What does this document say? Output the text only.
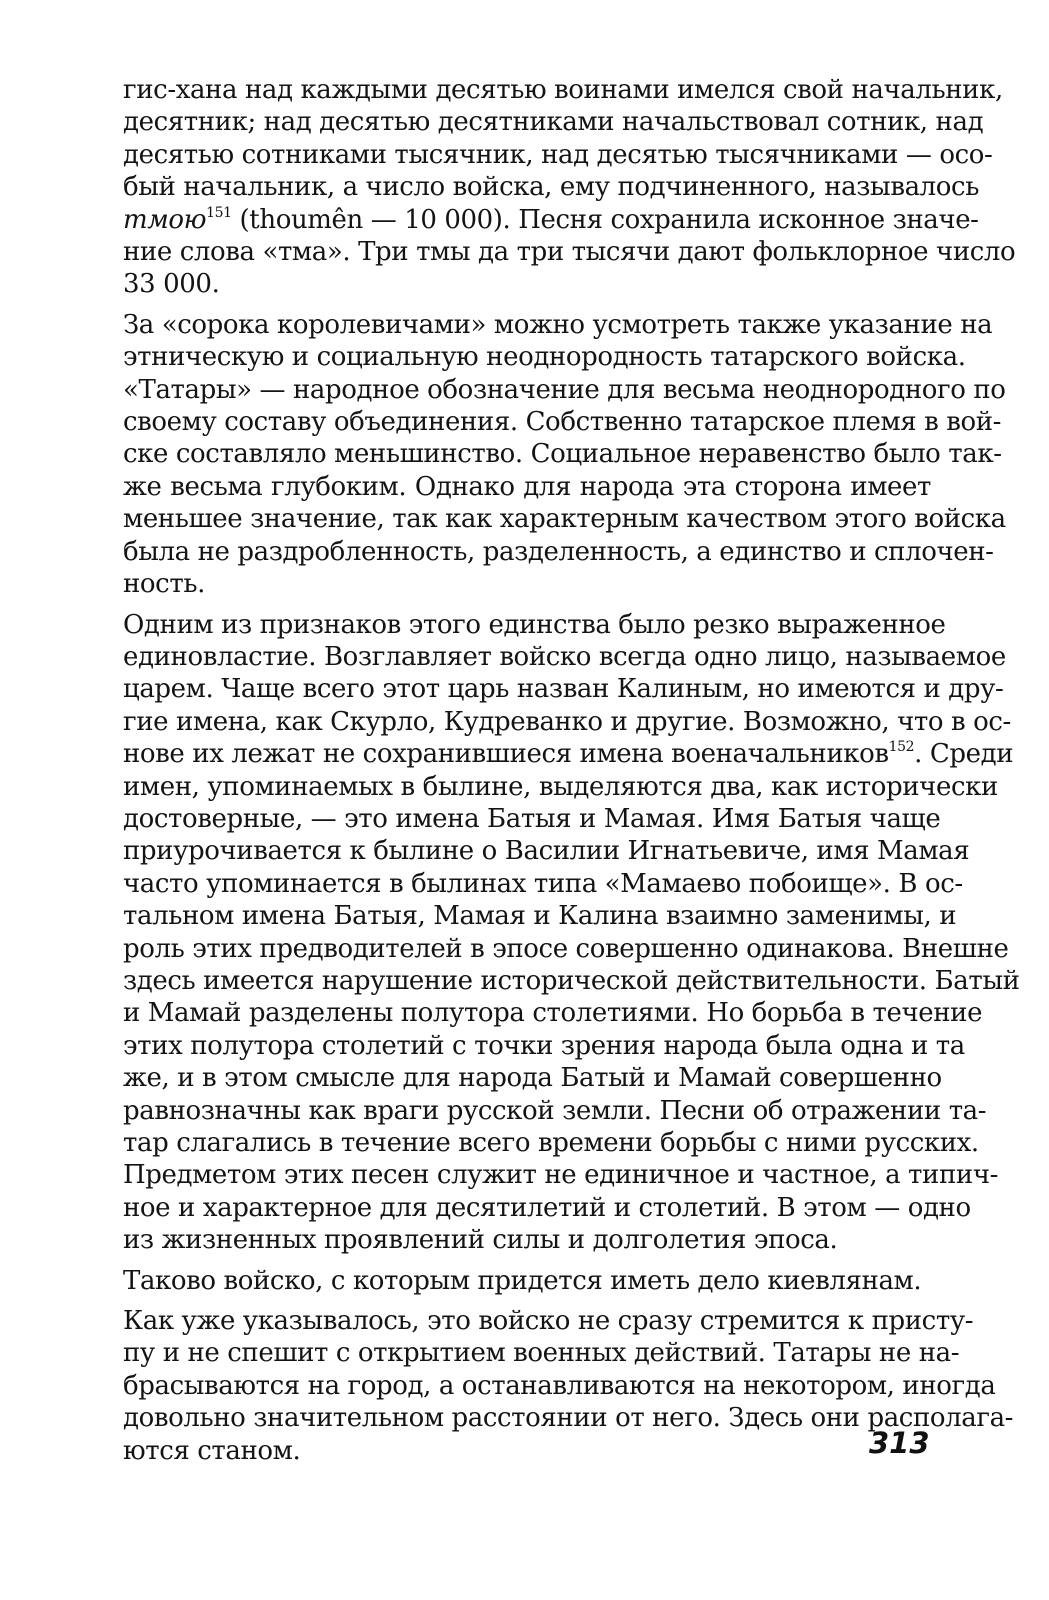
гис-хана над каждыми десятью воинами имелся свой начальник,
десятник; над десятью десятниками начальствовал сотник, над
десятью сотниками тысячник, над десятью тысячниками — осо-
бый начальник, а число войска, ему подчиненного, называлось
тмою$^{151}$ (thoumên — 10 000). Песня сохранила исконное значе-
ние слова «тма». Три тмы да три тысячи дают фольклорное число
33 000.

За «сорока королевичами» можно усмотреть также указание на
этническую и социальную неоднородность татарского войска.
«Татары» — народное обозначение для весьма неоднородного по
своему составу объединения. Собственно татарское племя в вой-
ске составляло меньшинство. Социальное неравенство было так-
же весьма глубоким. Однако для народа эта сторона имеет
меньшее значение, так как характерным качеством этого войска
была не раздробленность, разделенность, а единство и сплочен-
ность.

Одним из признаков этого единства было резко выраженное
единовластие. Возглавляет войско всегда одно лицо, называемое
царем. Чаще всего этот царь назван Калиным, но имеются и дру-
гие имена, как Скурло, Кудреванко и другие. Возможно, что в ос-
нове их лежат не сохранившиеся имена военачальников$^{152}$. Среди
имен, упоминаемых в былине, выделяются два, как исторически
достоверные, — это имена Батыя и Мамая. Имя Батыя чаще
приурочивается к былине о Василии Игнатьевиче, имя Мамая
часто упоминается в былинах типа «Мамаево побоище». В ос-
тальном имена Батыя, Мамая и Калина взаимно заменимы, и
роль этих предводителей в эпосе совершенно одинакова. Внешне
здесь имеется нарушение исторической действительности. Батый
и Мамай разделены полутора столетиями. Но борьба в течение
этих полутора столетий с точки зрения народа была одна и та
же, и в этом смысле для народа Батый и Мамай совершенно
равнозначны как враги русской земли. Песни об отражении та-
тар слагались в течение всего времени борьбы с ними русских.
Предметом этих песен служит не единичное и частное, а типич-
ное и характерное для десятилетий и столетий. В этом — одно
из жизненных проявлений силы и долголетия эпоса.

Таково войско, с которым придется иметь дело киевлянам.

Как уже указывалось, это войско не сразу стремится к присту-
пу и не спешит с открытием военных действий. Татары не на-
брасываются на город, а останавливаются на некотором, иногда
довольно значительном расстоянии от него. Здесь они располага-
ются станом.	313
